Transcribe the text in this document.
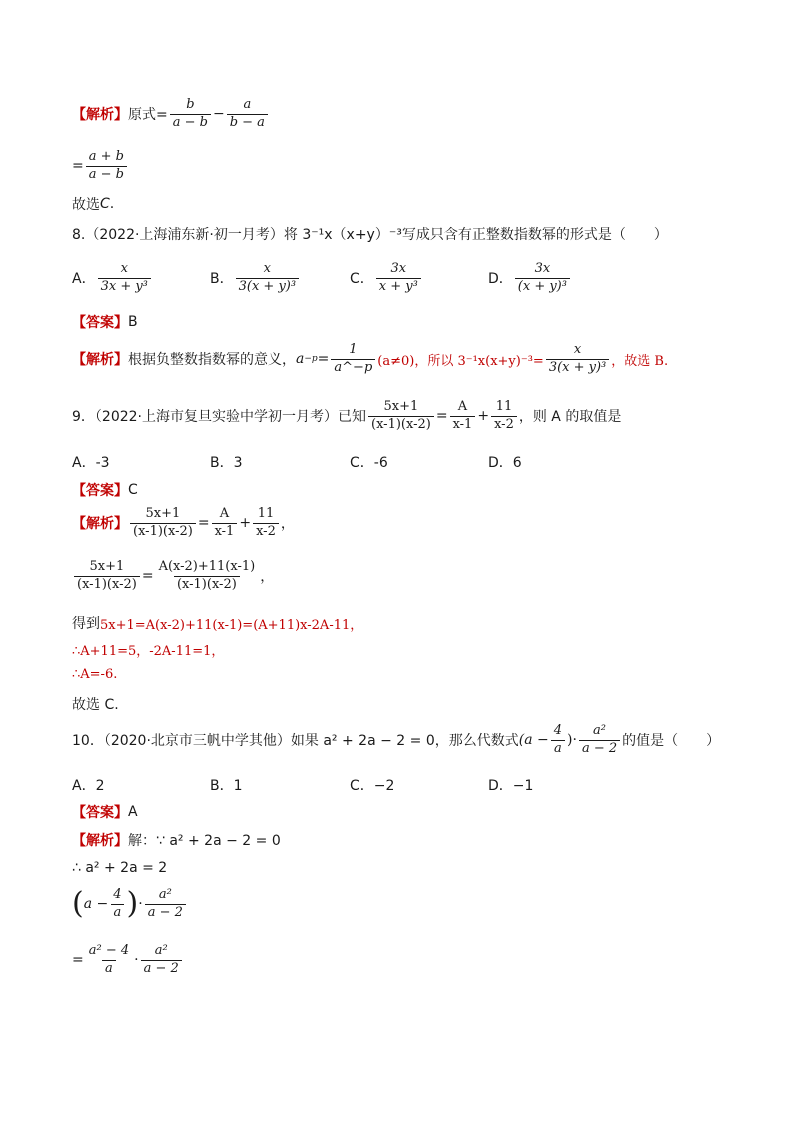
【解析】 原式= $\frac{b}{a - b} - \frac{a}{b - a}$
= $\frac{a + b}{a - b}$
故选 C .
8.（2022·上海浦东新·初一月考）将 3⁻¹x（x+y）⁻³写成只含有正整数指数幂的形式是（　　）
A． $\frac{x}{\text{3x + y³}}$	B． $\frac{x}{\text{3(x + y)³}}$	C． $\frac{3x}{\text{x + y³}}$	D． $\frac{3x}{\text{(x + y)³}}$
【答案】 B
【解析】 根据负整数指数幂的意义， $a -p = \frac{1}{a\^{}-p} (a\ne 0)$，所以 $3^{-1}x(x+y)^{-3}= \frac{x}{\text{3(x + y)³}}$ ，故选 B.
9．（2022·上海市复旦实验中学初一月考）已知 $\frac{5x+1}{(x-1)(x-2)} = \frac{A}{x-1} + \frac{11}{x-2}$ ，则 A 的取值是
A．-3	B．3	C．-6	D．6
【答案】 C
【解析】 $\frac{5x+1}{(x-1)(x-2)} = \frac{A}{x-1} + \frac{11}{x-2}$ ，
$\frac{5x+1}{(x-1)(x-2)} = \frac{A(x-2)+11(x-1)}{(x-1)(x-2)}$ ，
得到 5x+1=A(x-2)+11(x-1)=(A+11)x-2A-11，
∴A+11=5，-2A-11=1，
∴A=-6.
故选 C.
10．（2020·北京市三帆中学其他）如果 a² + 2a − 2 = 0，那么代数式 ($a - \frac{4}{a}$ )· $\frac{\text{a²}}{a - 2}$ 的值是（　　）
A．2	B．1	C．−2	D．−1
【答案】 A
【解析】 解：∵ a² + 2a − 2 = 0
∴ a² + 2a = 2
( $a - \frac{4}{a}$ ) · $\frac{\text{a²}}{a - 2}$
= $\frac{\text{a² − 4}}{a} \cdot \frac{\text{a²}}{a - 2}$
